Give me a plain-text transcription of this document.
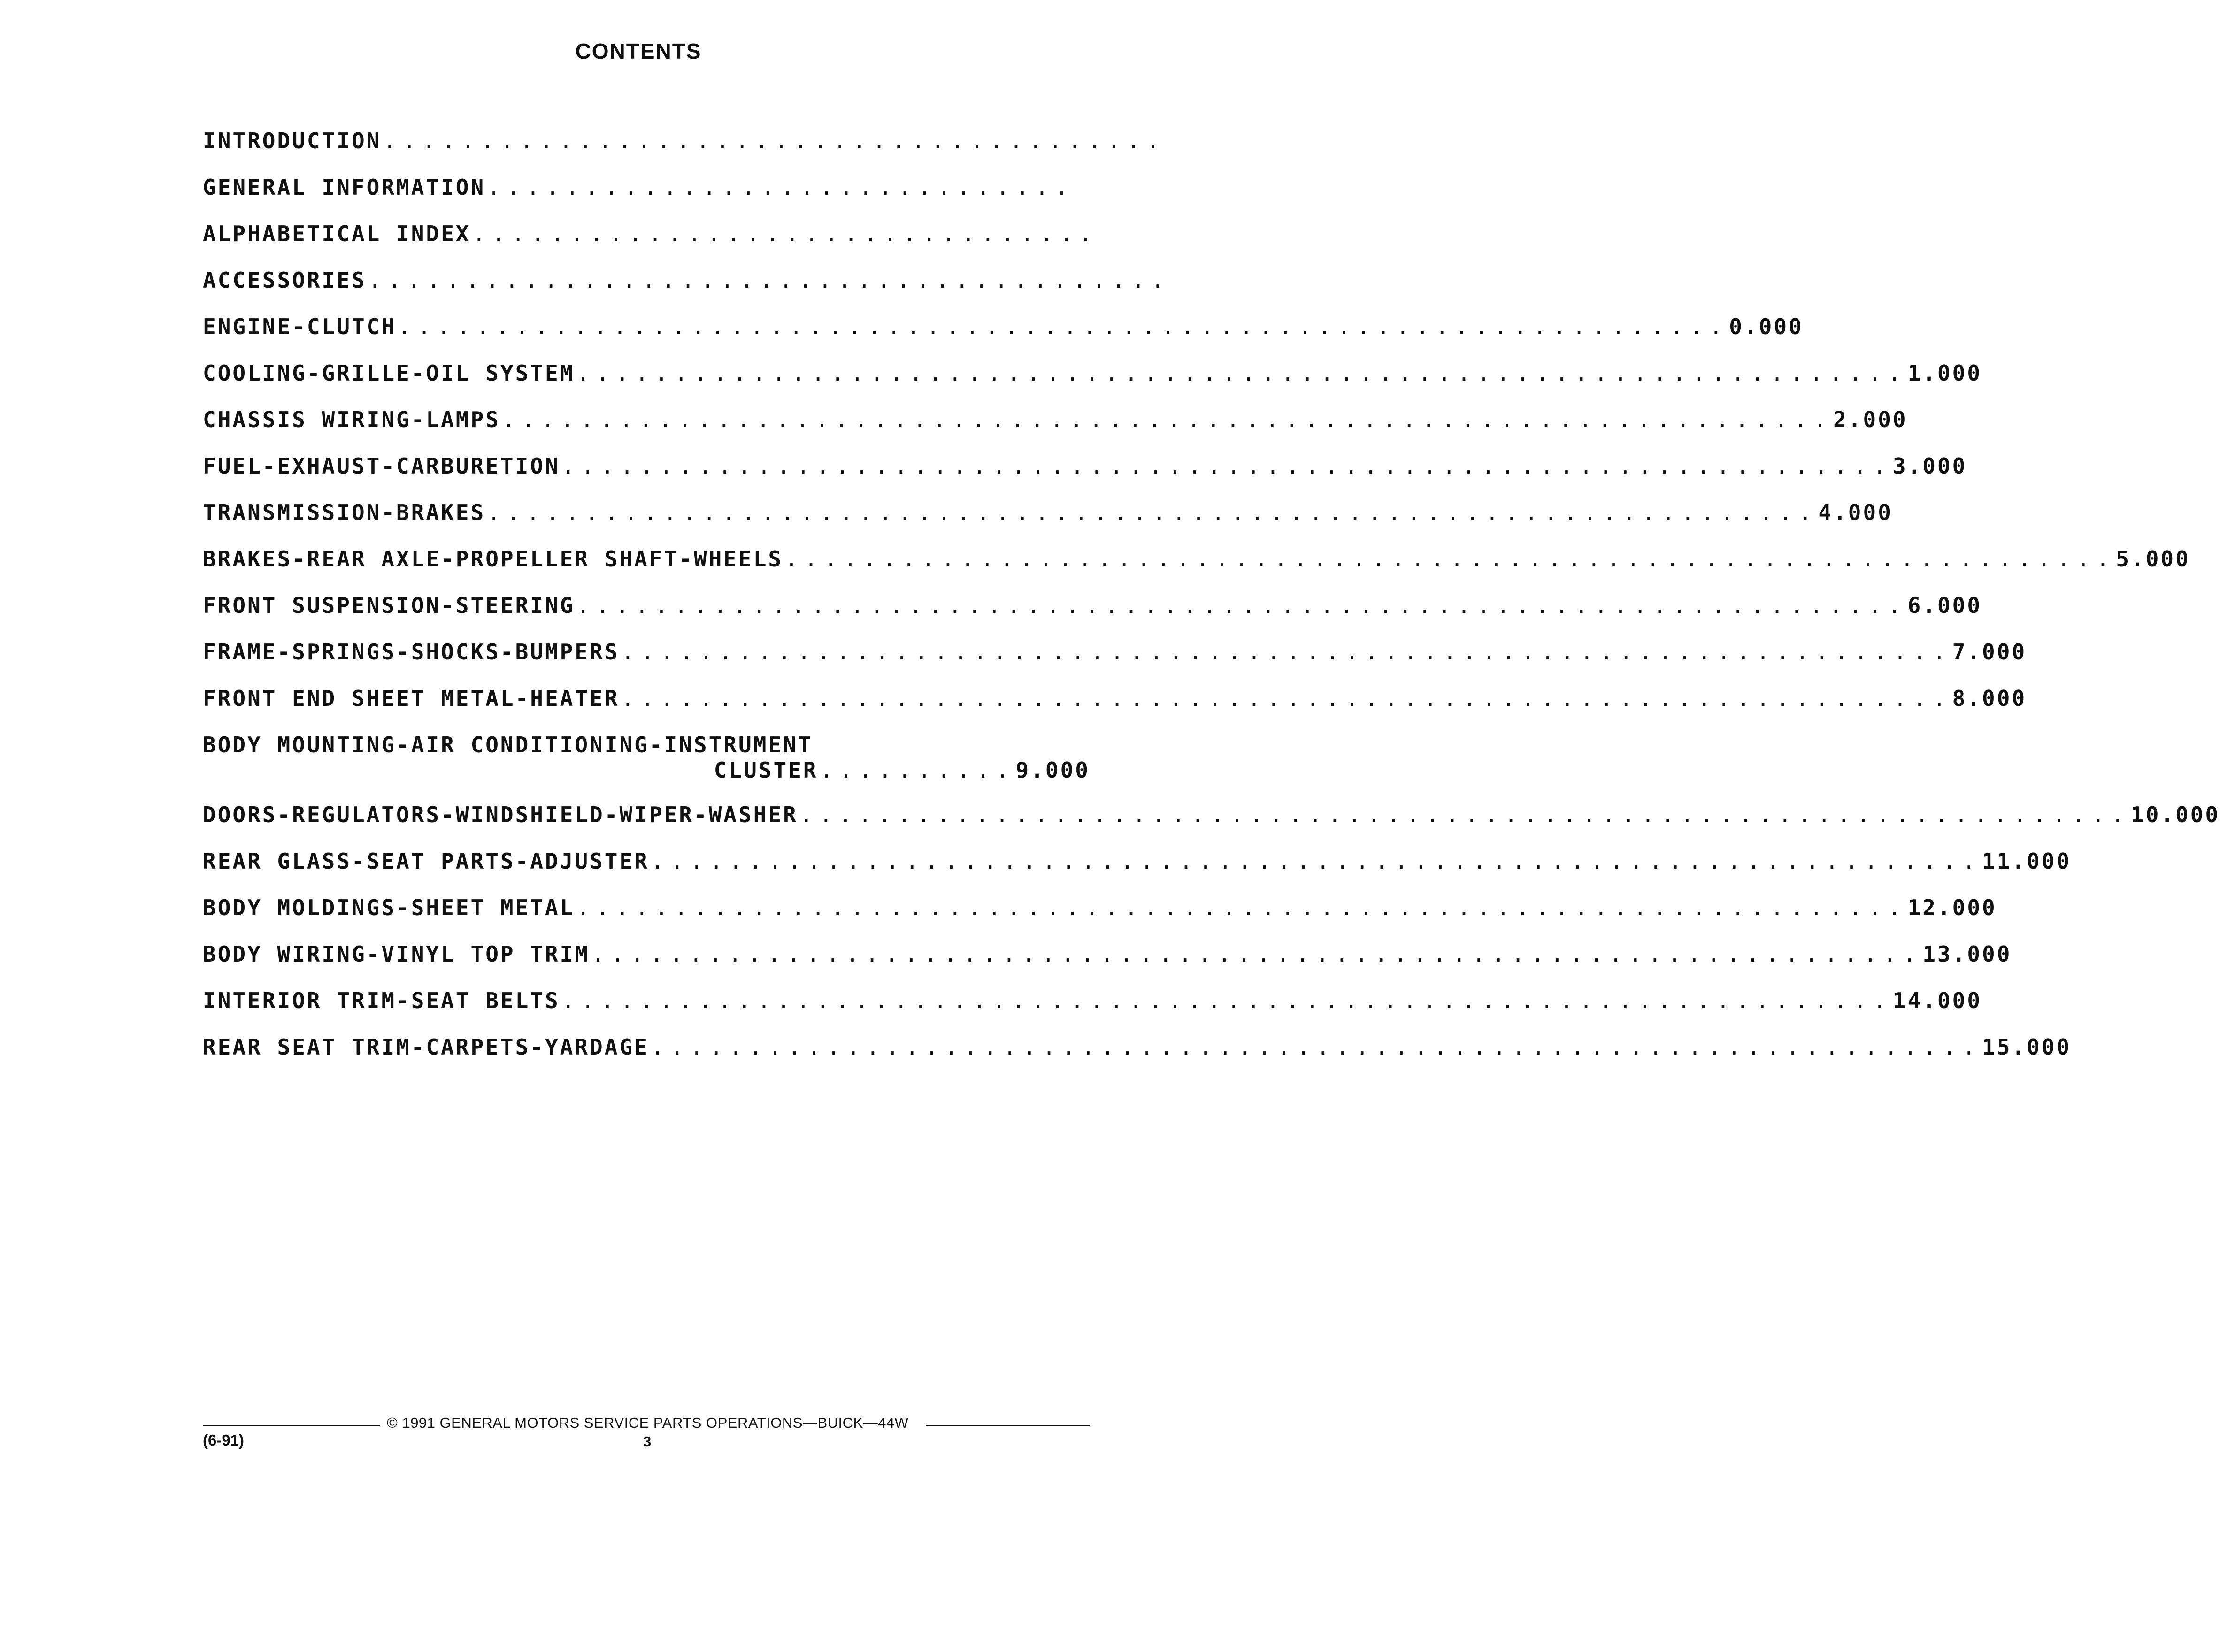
CONTENTS
INTRODUCTION ........................................
GENERAL INFORMATION ..............................
ALPHABETICAL INDEX ................................
ACCESSORIES .........................................
ENGINE-CLUTCH .................................................................... 0.000
COOLING-GRILLE-OIL SYSTEM .................................................................... 1.000
CHASSIS WIRING-LAMPS .................................................................... 2.000
FUEL-EXHAUST-CARBURETION .................................................................... 3.000
TRANSMISSION-BRAKES .................................................................... 4.000
BRAKES-REAR AXLE-PROPELLER SHAFT-WHEELS .................................................................... 5.000
FRONT SUSPENSION-STEERING .................................................................... 6.000
FRAME-SPRINGS-SHOCKS-BUMPERS .................................................................... 7.000
FRONT END SHEET METAL-HEATER .................................................................... 8.000
BODY MOUNTING-AIR CONDITIONING-INSTRUMENT
CLUSTER .......... 9.000
DOORS-REGULATORS-WINDSHIELD-WIPER-WASHER .................................................................... 10.000
REAR GLASS-SEAT PARTS-ADJUSTER .................................................................... 11.000
BODY MOLDINGS-SHEET METAL .................................................................... 12.000
BODY WIRING-VINYL TOP TRIM .................................................................... 13.000
INTERIOR TRIM-SEAT BELTS .................................................................... 14.000
REAR SEAT TRIM-CARPETS-YARDAGE .................................................................... 15.000
© 1991 GENERAL MOTORS SERVICE PARTS OPERATIONS—BUICK—44W
(6-91)	3
